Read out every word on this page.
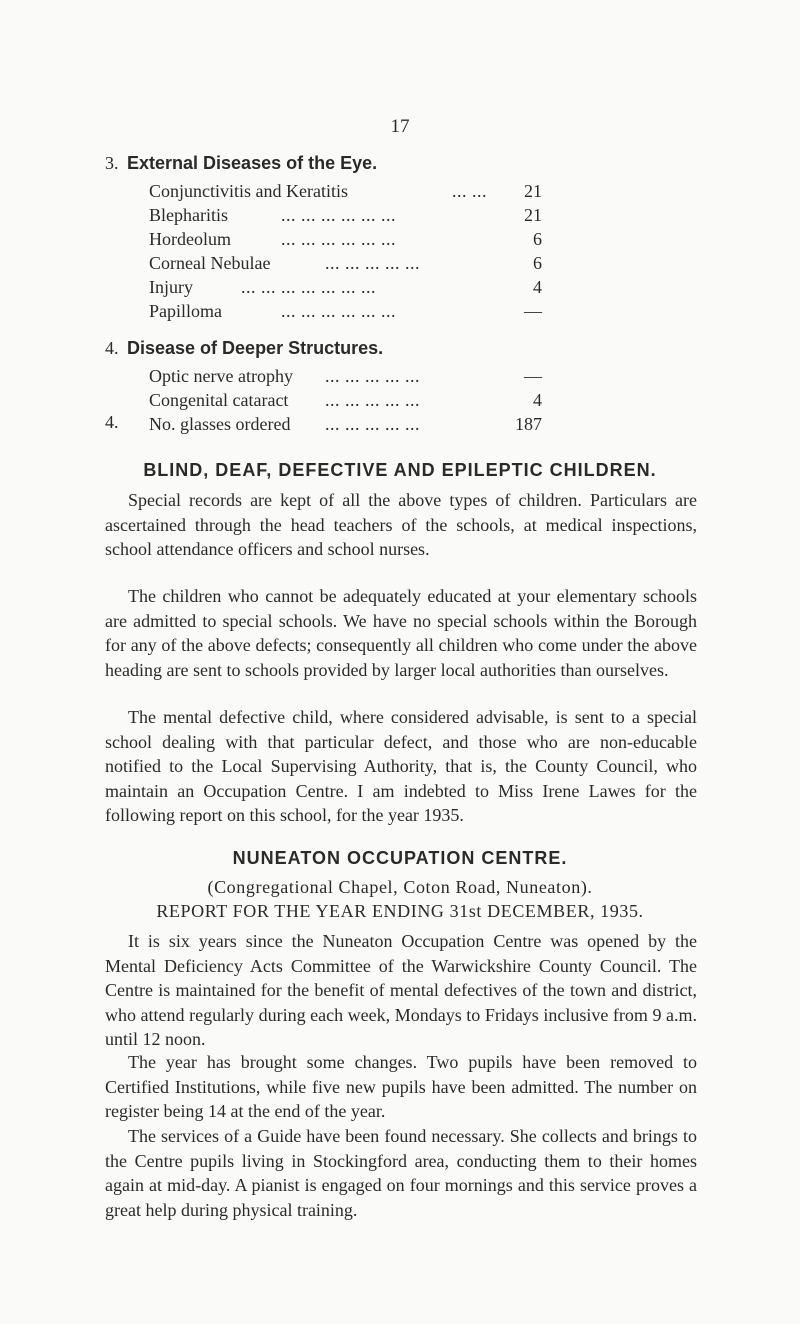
17
3. External Diseases of the Eye.
Conjunctivitis and Keratitis	... ... 21
Blepharitis	... ... ... ... ... ...	21
Hordeolum	... ... ... ... ... ...	6
Corneal Nebulae	... ... ... ... ...	6
Injury	... ... ... ... ... ... ...	4
Papilloma	... ... ... ... ... ...	—
4. Disease of Deeper Structures.
Optic nerve atrophy ... ... ... ... ...	—
Congenital cataract ... ... ... ... ...	4
4. No. glasses ordered ... ... ... ... ...	187
BLIND, DEAF, DEFECTIVE AND EPILEPTIC CHILDREN.

Special records are kept of all the above types of children. Particulars are ascertained through the head teachers of the schools, at medical inspections, school attendance officers and school nurses.

The children who cannot be adequately educated at your elementary schools are admitted to special schools. We have no special schools within the Borough for any of the above defects; consequently all children who come under the above heading are sent to schools provided by larger local authorities than ourselves.

The mental defective child, where considered advisable, is sent to a special school dealing with that particular defect, and those who are non-educable notified to the Local Supervising Authority, that is, the County Council, who maintain an Occupation Centre. I am indebted to Miss Irene Lawes for the following report on this school, for the year 1935.

NUNEATON OCCUPATION CENTRE.
(Congregational Chapel, Coton Road, Nuneaton).
REPORT FOR THE YEAR ENDING 31st DECEMBER, 1935.

It is six years since the Nuneaton Occupation Centre was opened by the Mental Deficiency Acts Committee of the Warwickshire County Council. The Centre is maintained for the benefit of mental defectives of the town and district, who attend regularly during each week, Mondays to Fridays inclusive from 9 a.m. until 12 noon.

The year has brought some changes. Two pupils have been removed to Certified Institutions, while five new pupils have been admitted. The number on register being 14 at the end of the year.

The services of a Guide have been found necessary. She collects and brings to the Centre pupils living in Stockingford area, conducting them to their homes again at mid-day. A pianist is engaged on four mornings and this service proves a great help during physical training.
